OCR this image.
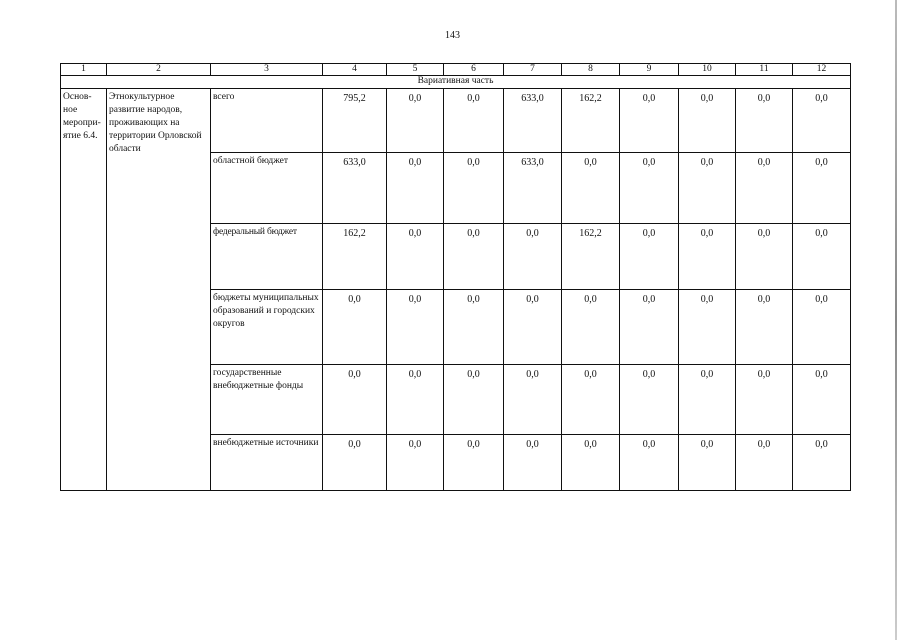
143
1	2	3	4	5	6	7	8	9	10	11	12
Вариативная часть											
Основ-
ное
меропри-
ятие 6.4.	Этнокультурное развитие народов, проживающих на территории Орловской области	всего	795,2	0,0	0,0	633,0	162,2	0,0	0,0	0,0	0,0
		областной бюджет	633,0	0,0	0,0	633,0	0,0	0,0	0,0	0,0	0,0
		федеральный бюджет	162,2	0,0	0,0	0,0	162,2	0,0	0,0	0,0	0,0
		бюджеты муниципальных образований и городских округов	0,0	0,0	0,0	0,0	0,0	0,0	0,0	0,0	0,0
		государственные внебюджетные фонды	0,0	0,0	0,0	0,0	0,0	0,0	0,0	0,0	0,0
		внебюджетные источники	0,0	0,0	0,0	0,0	0,0	0,0	0,0	0,0	0,0
